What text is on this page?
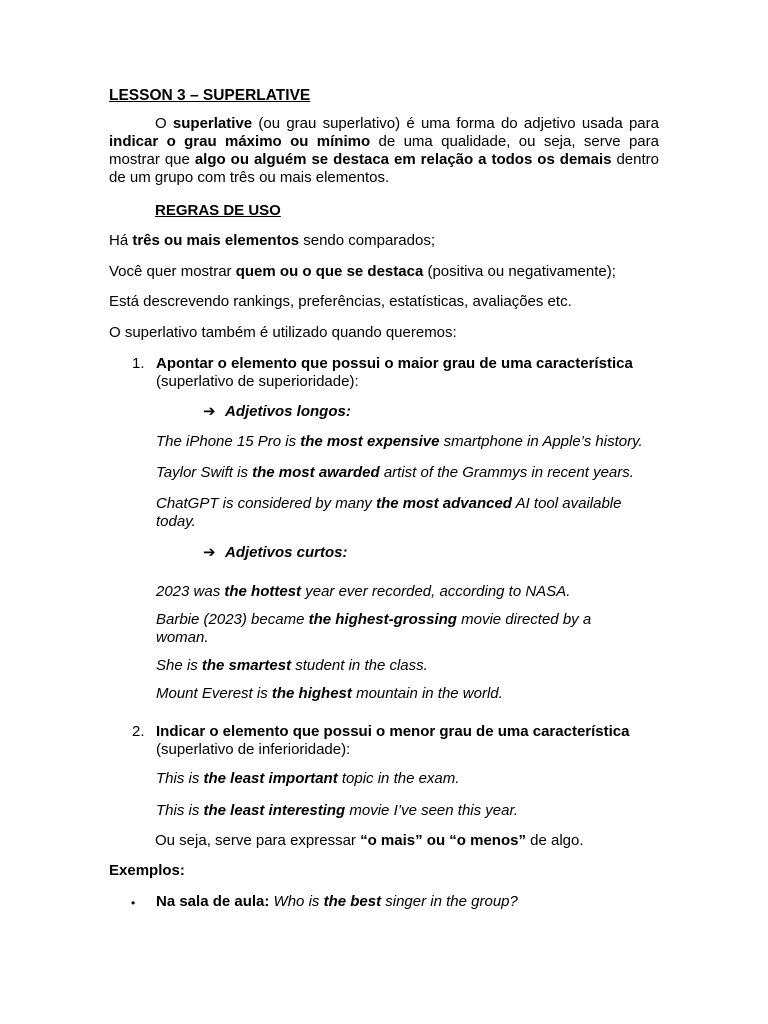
LESSON 3 – SUPERLATIVE

O superlative (ou grau superlativo) é uma forma do adjetivo usada para indicar o grau máximo ou mínimo de uma qualidade, ou seja, serve para mostrar que algo ou alguém se destaca em relação a todos os demais dentro de um grupo com três ou mais elementos.

REGRAS DE USO

Há três ou mais elementos sendo comparados;

Você quer mostrar quem ou o que se destaca (positiva ou negativamente);

Está descrevendo rankings, preferências, estatísticas, avaliações etc.

O superlativo também é utilizado quando queremos:

1. Apontar o elemento que possui o maior grau de uma característica
(superlativo de superioridade):

➔ Adjetivos longos:

The iPhone 15 Pro is the most expensive smartphone in Apple’s history.

Taylor Swift is the most awarded artist of the Grammys in recent years.

ChatGPT is considered by many the most advanced AI tool available today.

➔ Adjetivos curtos:

2023 was the hottest year ever recorded, according to NASA.

Barbie (2023) became the highest-grossing movie directed by a woman.

She is the smartest student in the class.

Mount Everest is the highest mountain in the world.

2. Indicar o elemento que possui o menor grau de uma característica
(superlativo de inferioridade):

This is the least important topic in the exam.

This is the least interesting movie I’ve seen this year.

Ou seja, serve para expressar “o mais” ou “o menos” de algo.

Exemplos:

• Na sala de aula: Who is the best singer in the group?
